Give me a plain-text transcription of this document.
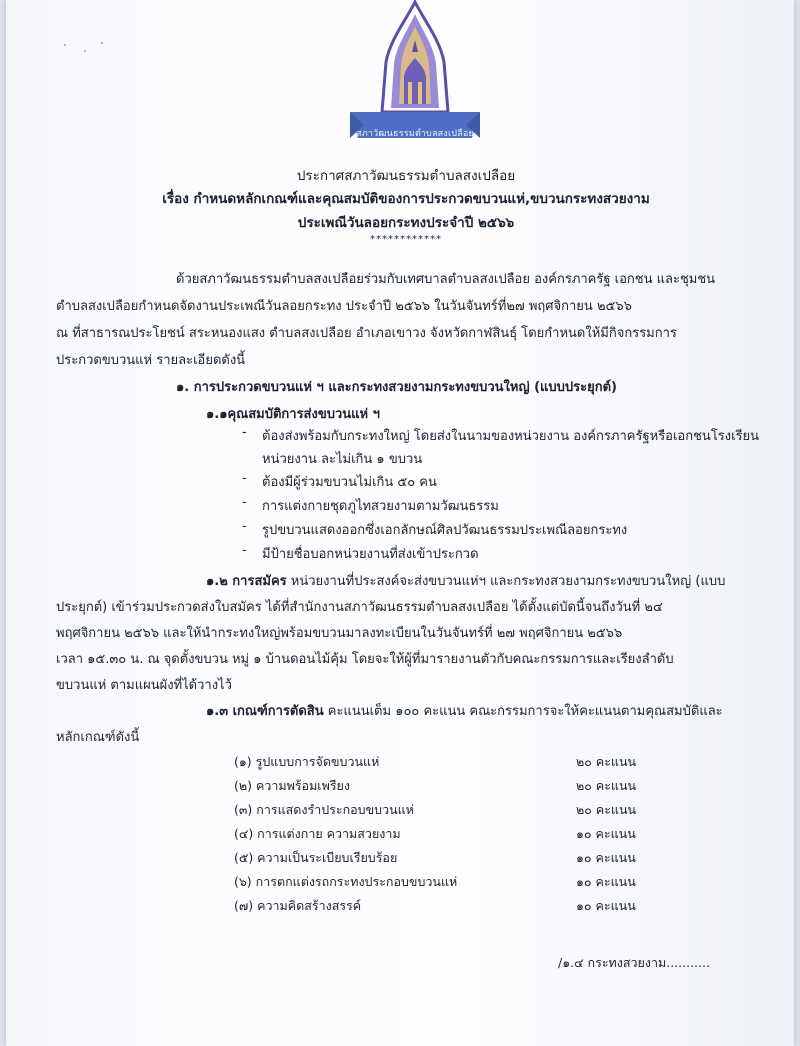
สภาวัฒนธรรมตำบลสงเปลือย
ประกาศสภาวัฒนธรรมตำบลสงเปลือย
เรื่อง กำหนดหลักเกณฑ์และคุณสมบัติของการประกวดขบวนแห่,ขบวนกระทงสวยงาม
ประเพณีวันลอยกระทงประจำปี ๒๕๖๖
************
ด้วยสภาวัฒนธรรมตำบลสงเปลือยร่วมกับเทศบาลตำบลสงเปลือย องค์กรภาครัฐ เอกชน และชุมชน
ตำบลสงเปลือยกำหนดจัดงานประเพณีวันลอยกระทง ประจำปี ๒๕๖๖ ในวันจันทร์ที่๒๗ พฤศจิกายน ๒๕๖๖
ณ ที่สาธารณประโยชน์ สระหนองแสง ตำบลสงเปลือย อำเภอเขาวง จังหวัดกาฬสินธุ์ โดยกำหนดให้มีกิจกรรมการ
ประกวดขบวนแห่ รายละเอียดดังนี้
๑. การประกวดขบวนแห่ ฯ และกระทงสวยงามกระทงขบวนใหญ่ (แบบประยุกต์)
๑.๑คุณสมบัติการส่งขบวนแห่ ฯ
- ต้องส่งพร้อมกับกระทงใหญ่ โดยส่งในนามของหน่วยงาน องค์กรภาครัฐหรือเอกชนโรงเรียน
หน่วยงาน ละไม่เกิน ๑ ขบวน
- ต้องมีผู้ร่วมขบวนไม่เกิน ๕๐ คน
- การแต่งกายชุดภูไทสวยงามตามวัฒนธรรม
- รูปขบวนแสดงออกซึ่งเอกลักษณ์ศิลปวัฒนธรรมประเพณีลอยกระทง
- มีป้ายชื่อบอกหน่วยงานที่ส่งเข้าประกวด
๑.๒ การสมัคร หน่วยงานที่ประสงค์จะส่งขบวนแห่ฯ และกระทงสวยงามกระทงขบวนใหญ่ (แบบ
ประยุกต์) เข้าร่วมประกวดส่งใบสมัคร ได้ที่สำนักงานสภาวัฒนธรรมตำบลสงเปลือย ได้ตั้งแต่บัดนี้จนถึงวันที่ ๒๔
พฤศจิกายน ๒๕๖๖ และให้นำกระทงใหญ่พร้อมขบวนมาลงทะเบียนในวันจันทร์ที่ ๒๗ พฤศจิกายน ๒๕๖๖
เวลา ๑๕.๓๐ น. ณ จุดตั้งขบวน หมู่ ๑ บ้านดอนไม้คุ้ม โดยจะให้ผู้ที่มารายงานตัวกับคณะกรรมการและเรียงลำดับ
ขบวนแห่ ตามแผนผังที่ได้วางไว้
๑.๓ เกณฑ์การตัดสิน คะแนนเต็ม ๑๐๐ คะแนน คณะกรรมการจะให้คะแนนตามคุณสมบัติและ
หลักเกณฑ์ดังนี้
(๑) รูปแบบการจัดขบวนแห่	๒๐ คะแนน
(๒) ความพร้อมเพรียง	๒๐ คะแนน
(๓) การแสดงรำประกอบขบวนแห่	๒๐ คะแนน
(๔) การแต่งกาย ความสวยงาม	๑๐ คะแนน
(๕) ความเป็นระเบียบเรียบร้อย	๑๐ คะแนน
(๖) การตกแต่งรถกระทงประกอบขบวนแห่	๑๐ คะแนน
(๗) ความคิดสร้างสรรค์	๑๐ คะแนน
/๑.๔ กระทงสวยงาม...........
